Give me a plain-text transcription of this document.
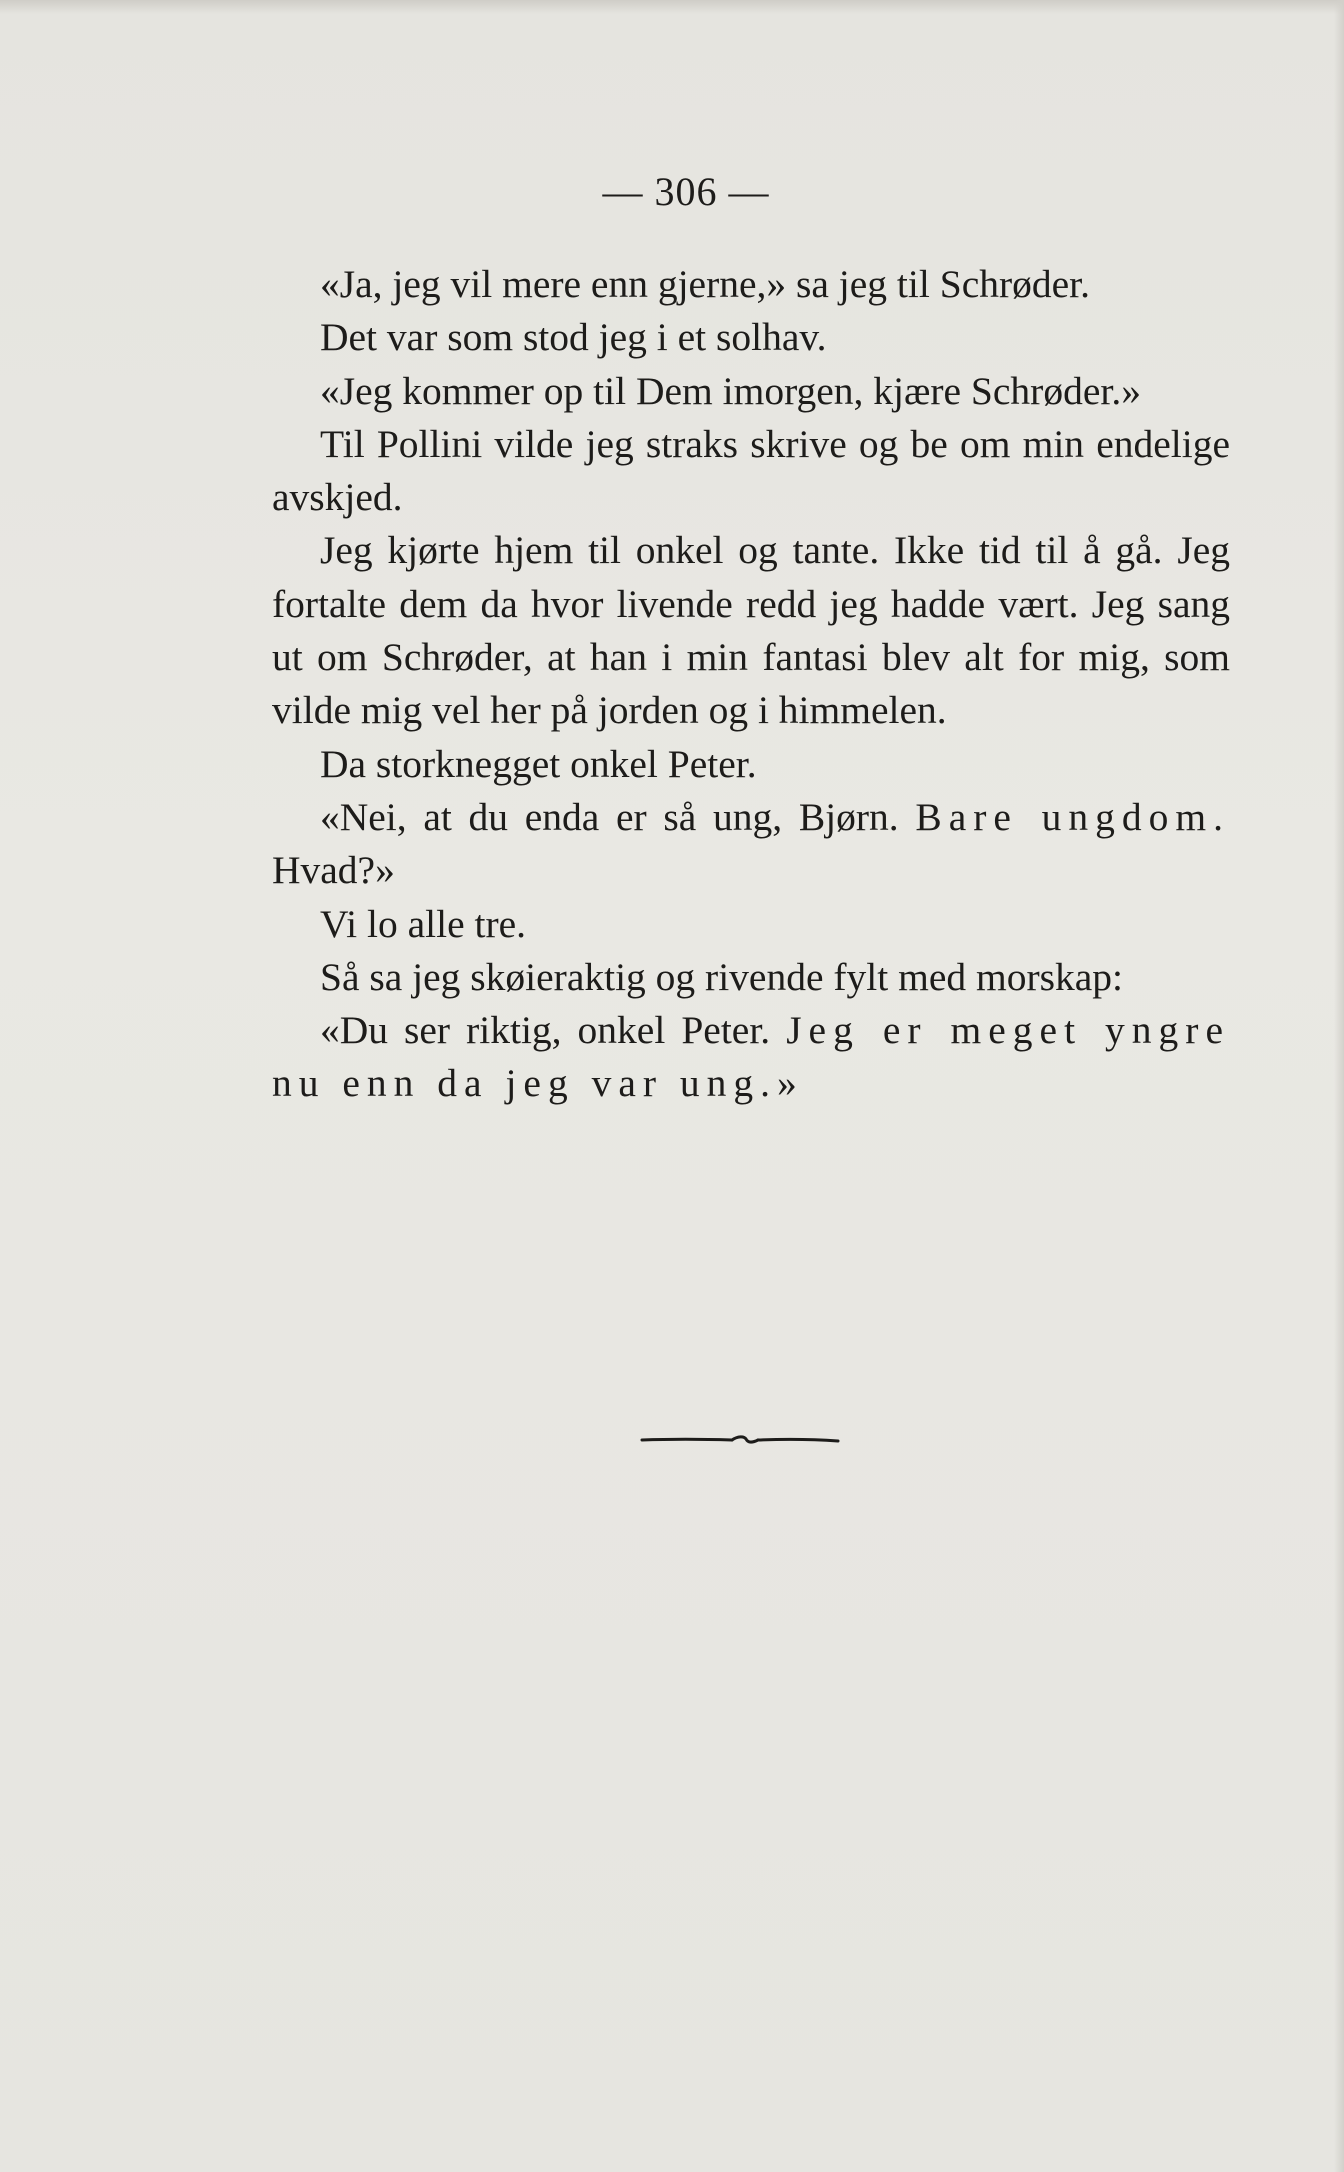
— 306 —

«Ja, jeg vil mere enn gjerne,» sa jeg til Schrøder.

Det var som stod jeg i et solhav.

«Jeg kommer op til Dem imorgen, kjære Schrøder.»

Til Pollini vilde jeg straks skrive og be om min endelige avskjed.

Jeg kjørte hjem til onkel og tante. Ikke tid til å gå. Jeg fortalte dem da hvor livende redd jeg hadde vært. Jeg sang ut om Schrøder, at han i min fantasi blev alt for mig, som vilde mig vel her på jorden og i himmelen.

Da storknegget onkel Peter.

«Nei, at du enda er så ung, Bjørn. Bare ungdom. Hvad?»

Vi lo alle tre.

Så sa jeg skøieraktig og rivende fylt med morskap:

«Du ser riktig, onkel Peter. Jeg er meget yngre nu enn da jeg var ung.»
